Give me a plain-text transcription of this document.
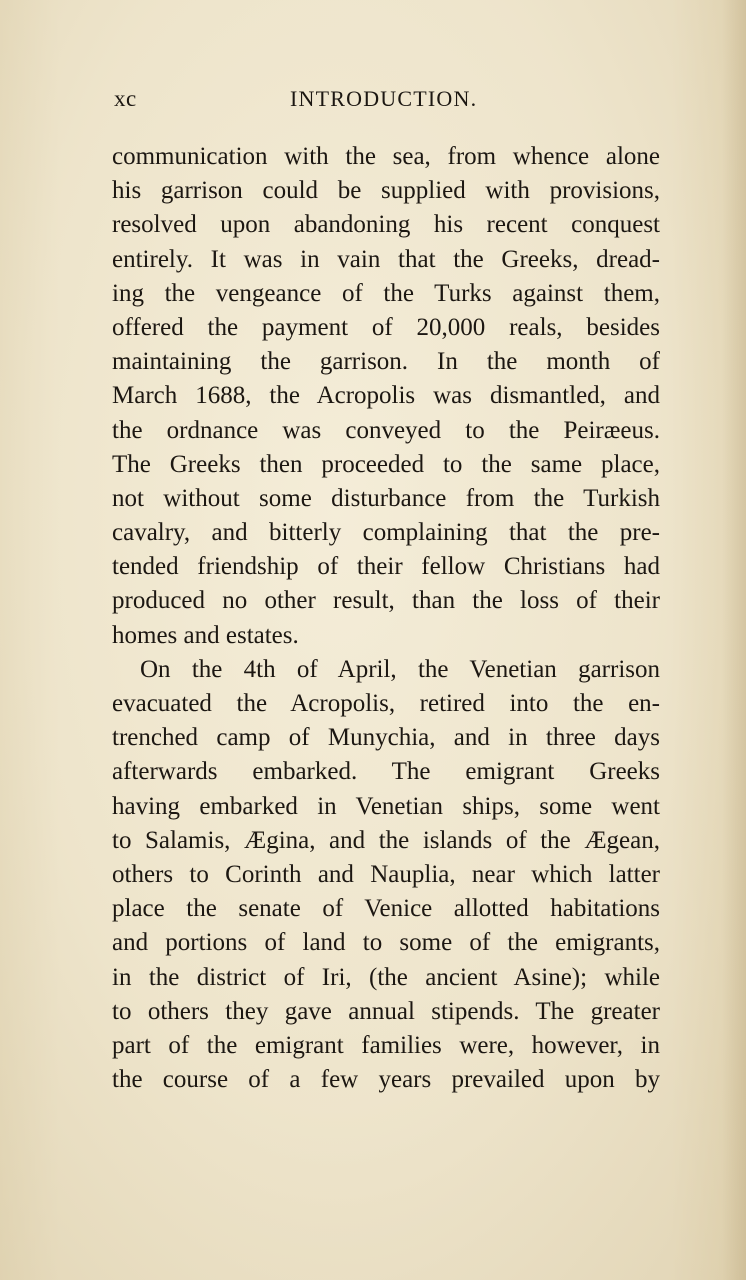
xc	INTRODUCTION.
communication with the sea, from whence alone
his garrison could be supplied with provisions,
resolved upon abandoning his recent conquest
entirely. It was in vain that the Greeks, dread-
ing the vengeance of the Turks against them,
offered the payment of 20,000 reals, besides
maintaining the garrison. In the month of
March 1688, the Acropolis was dismantled, and
the ordnance was conveyed to the Peiræeus.
The Greeks then proceeded to the same place,
not without some disturbance from the Turkish
cavalry, and bitterly complaining that the pre-
tended friendship of their fellow Christians had
produced no other result, than the loss of their
homes and estates.
On the 4th of April, the Venetian garrison
evacuated the Acropolis, retired into the en-
trenched camp of Munychia, and in three days
afterwards embarked. The emigrant Greeks
having embarked in Venetian ships, some went
to Salamis, Ægina, and the islands of the Ægean,
others to Corinth and Nauplia, near which latter
place the senate of Venice allotted habitations
and portions of land to some of the emigrants,
in the district of Iri, (the ancient Asine); while
to others they gave annual stipends. The greater
part of the emigrant families were, however, in
the course of a few years prevailed upon by
